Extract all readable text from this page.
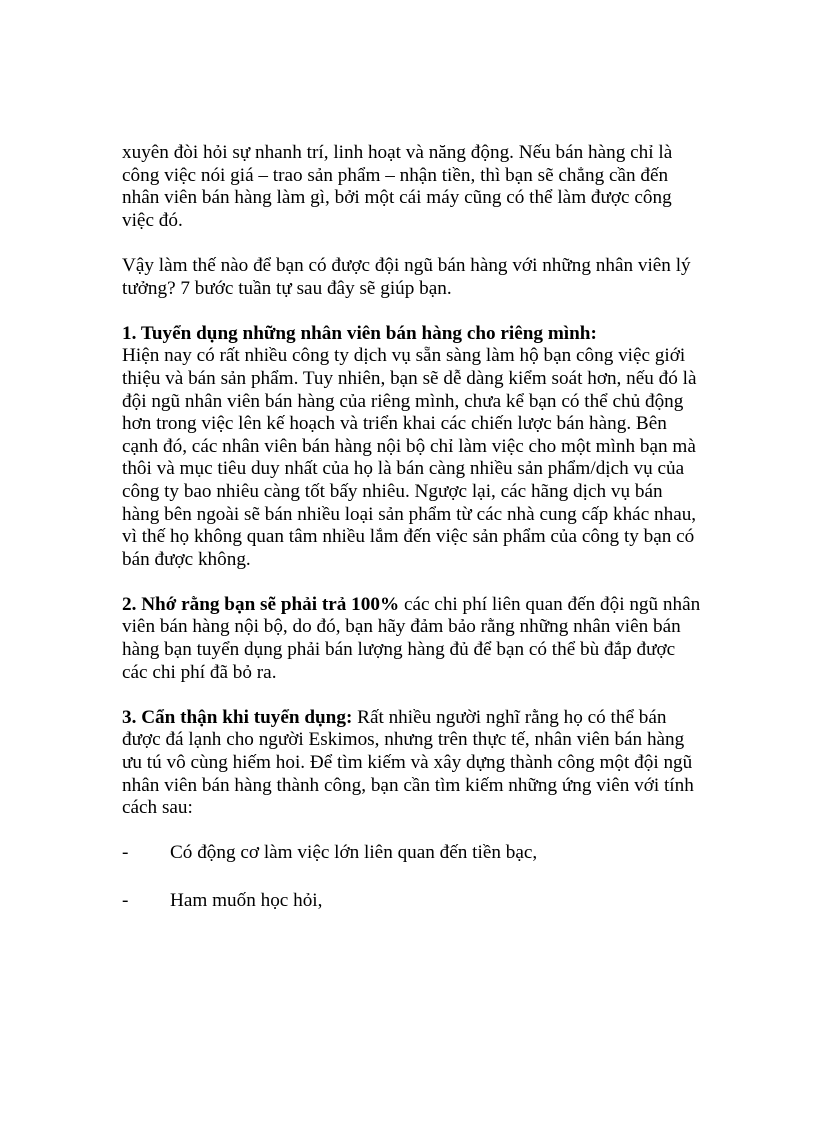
xuyên đòi hỏi sự nhanh trí, linh hoạt và năng động. Nếu bán hàng chỉ là công việc nói giá – trao sản phẩm – nhận tiền, thì bạn sẽ chẳng cần đến nhân viên bán hàng làm gì, bởi một cái máy cũng có thể làm được công việc đó.

Vậy làm thế nào để bạn có được đội ngũ bán hàng với những nhân viên lý tưởng? 7 bước tuần tự sau đây sẽ giúp bạn.

1. Tuyển dụng những nhân viên bán hàng cho riêng mình:
Hiện nay có rất nhiều công ty dịch vụ sẵn sàng làm hộ bạn công việc giới thiệu và bán sản phẩm. Tuy nhiên, bạn sẽ dễ dàng kiểm soát hơn, nếu đó là đội ngũ nhân viên bán hàng của riêng mình, chưa kể bạn có thể chủ động hơn trong việc lên kế hoạch và triển khai các chiến lược bán hàng. Bên cạnh đó, các nhân viên bán hàng nội bộ chỉ làm việc cho một mình bạn mà thôi và mục tiêu duy nhất của họ là bán càng nhiều sản phẩm/dịch vụ của công ty bao nhiêu càng tốt bấy nhiêu. Ngược lại, các hãng dịch vụ bán hàng bên ngoài sẽ bán nhiều loại sản phẩm từ các nhà cung cấp khác nhau, vì thế họ không quan tâm nhiều lắm đến việc sản phẩm của công ty bạn có bán được không.

2. Nhớ rằng bạn sẽ phải trả 100% các chi phí liên quan đến đội ngũ nhân viên bán hàng nội bộ, do đó, bạn hãy đảm bảo rằng những nhân viên bán hàng bạn tuyển dụng phải bán lượng hàng đủ để bạn có thể bù đắp được các chi phí đã bỏ ra.

3. Cẩn thận khi tuyển dụng: Rất nhiều người nghĩ rằng họ có thể bán được đá lạnh cho người Eskimos, nhưng trên thực tế, nhân viên bán hàng ưu tú vô cùng hiếm hoi. Để tìm kiếm và xây dựng thành công một đội ngũ nhân viên bán hàng thành công, bạn cần tìm kiếm những ứng viên với tính cách sau:

- Có động cơ làm việc lớn liên quan đến tiền bạc,
- Ham muốn học hỏi,
